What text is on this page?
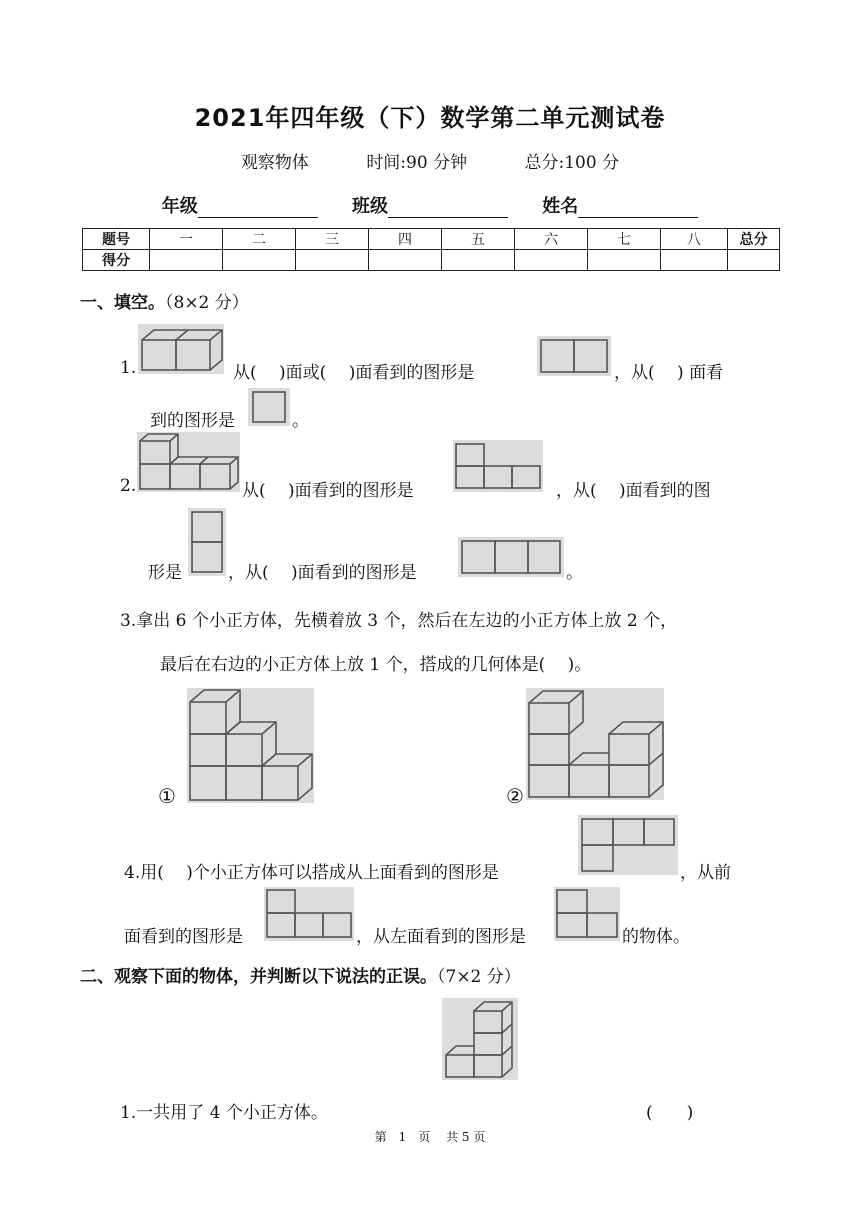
2021年四年级（下）数学第二单元测试卷
观察物体	时间:90 分钟	总分:100 分
年级	班级	姓名
题号	一	二	三	四	五	六	七	八	总分
得分									
一、填空。（8×2 分）
1.	从(　 )面或(　 )面看到的图形是	，从(　 ) 面看
到的图形是	。
2.	从(　 )面看到的图形是	，从(　 )面看到的图
形是	，从(　 )面看到的图形是	。
3.拿出 6 个小正方体，先横着放 3 个，然后在左边的小正方体上放 2 个，
最后在右边的小正方体上放 1 个，搭成的几何体是(　 )。
①	②
4.用(　 )个小正方体可以搭成从上面看到的图形是	，从前
面看到的图形是	，从左面看到的图形是	的物体。
二、观察下面的物体，并判断以下说法的正误。（7×2 分）
1.一共用了 4 个小正方体。	(　　)
第　1　页 共 5 页
